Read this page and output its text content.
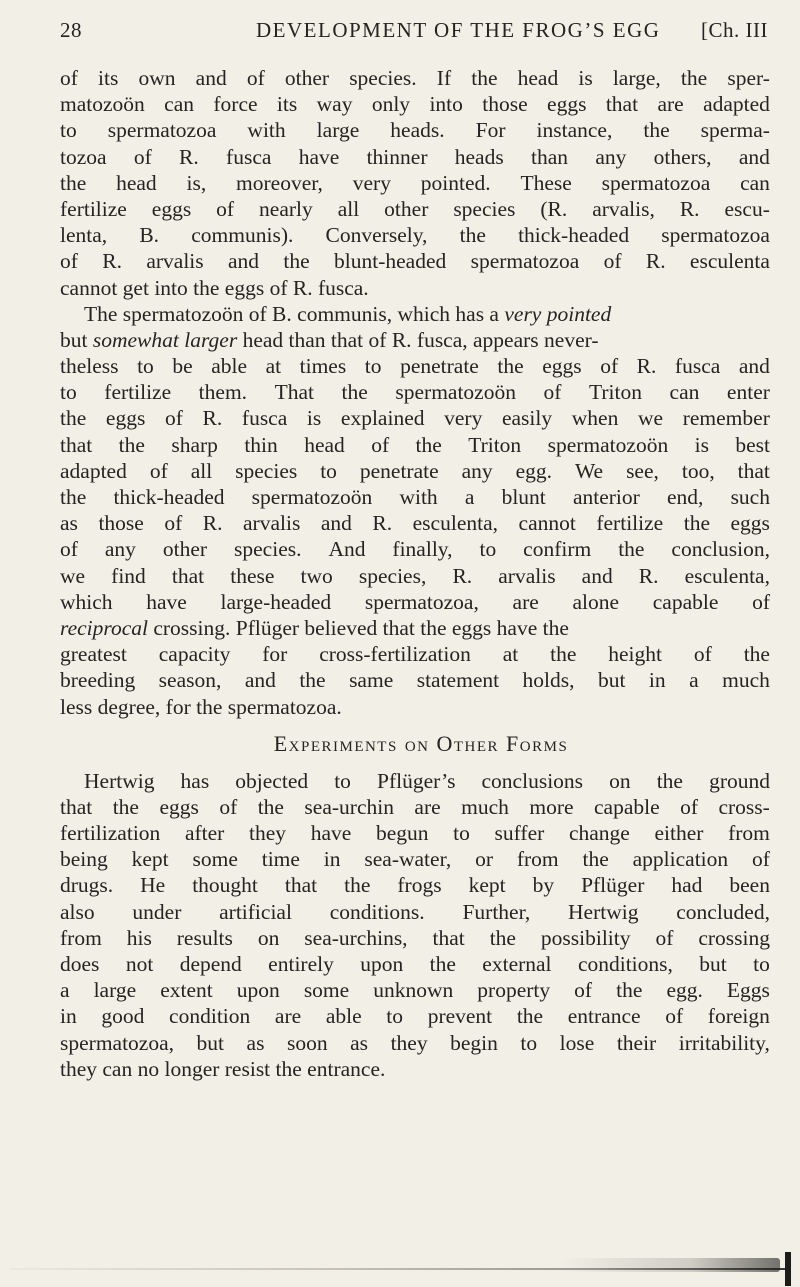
28	DEVELOPMENT OF THE FROG’S EGG [Ch. III
of its own and of other species. If the head is large, the sper-
matozoön can force its way only into those eggs that are adapted
to spermatozoa with large heads. For instance, the sperma-
tozoa of R. fusca have thinner heads than any others, and
the head is, moreover, very pointed. These spermatozoa can
fertilize eggs of nearly all other species (R. arvalis, R. escu-
lenta, B. communis). Conversely, the thick-headed spermatozoa
of R. arvalis and the blunt-headed spermatozoa of R. esculenta
cannot get into the eggs of R. fusca.
The spermatozoön of B. communis, which has a very pointed
but somewhat larger head than that of R. fusca, appears never-
theless to be able at times to penetrate the eggs of R. fusca and
to fertilize them. That the spermatozoön of Triton can enter
the eggs of R. fusca is explained very easily when we remember
that the sharp thin head of the Triton spermatozoön is best
adapted of all species to penetrate any egg. We see, too, that
the thick-headed spermatozoön with a blunt anterior end, such
as those of R. arvalis and R. esculenta, cannot fertilize the eggs
of any other species. And finally, to confirm the conclusion,
we find that these two species, R. arvalis and R. esculenta,
which have large-headed spermatozoa, are alone capable of
reciprocal crossing. Pflüger believed that the eggs have the
greatest capacity for cross-fertilization at the height of the
breeding season, and the same statement holds, but in a much
less degree, for the spermatozoa.
Experiments on Other Forms
Hertwig has objected to Pflüger’s conclusions on the ground
that the eggs of the sea-urchin are much more capable of cross-
fertilization after they have begun to suffer change either from
being kept some time in sea-water, or from the application of
drugs. He thought that the frogs kept by Pflüger had been
also under artificial conditions. Further, Hertwig concluded,
from his results on sea-urchins, that the possibility of crossing
does not depend entirely upon the external conditions, but to
a large extent upon some unknown property of the egg. Eggs
in good condition are able to prevent the entrance of foreign
spermatozoa, but as soon as they begin to lose their irritability,
they can no longer resist the entrance.
